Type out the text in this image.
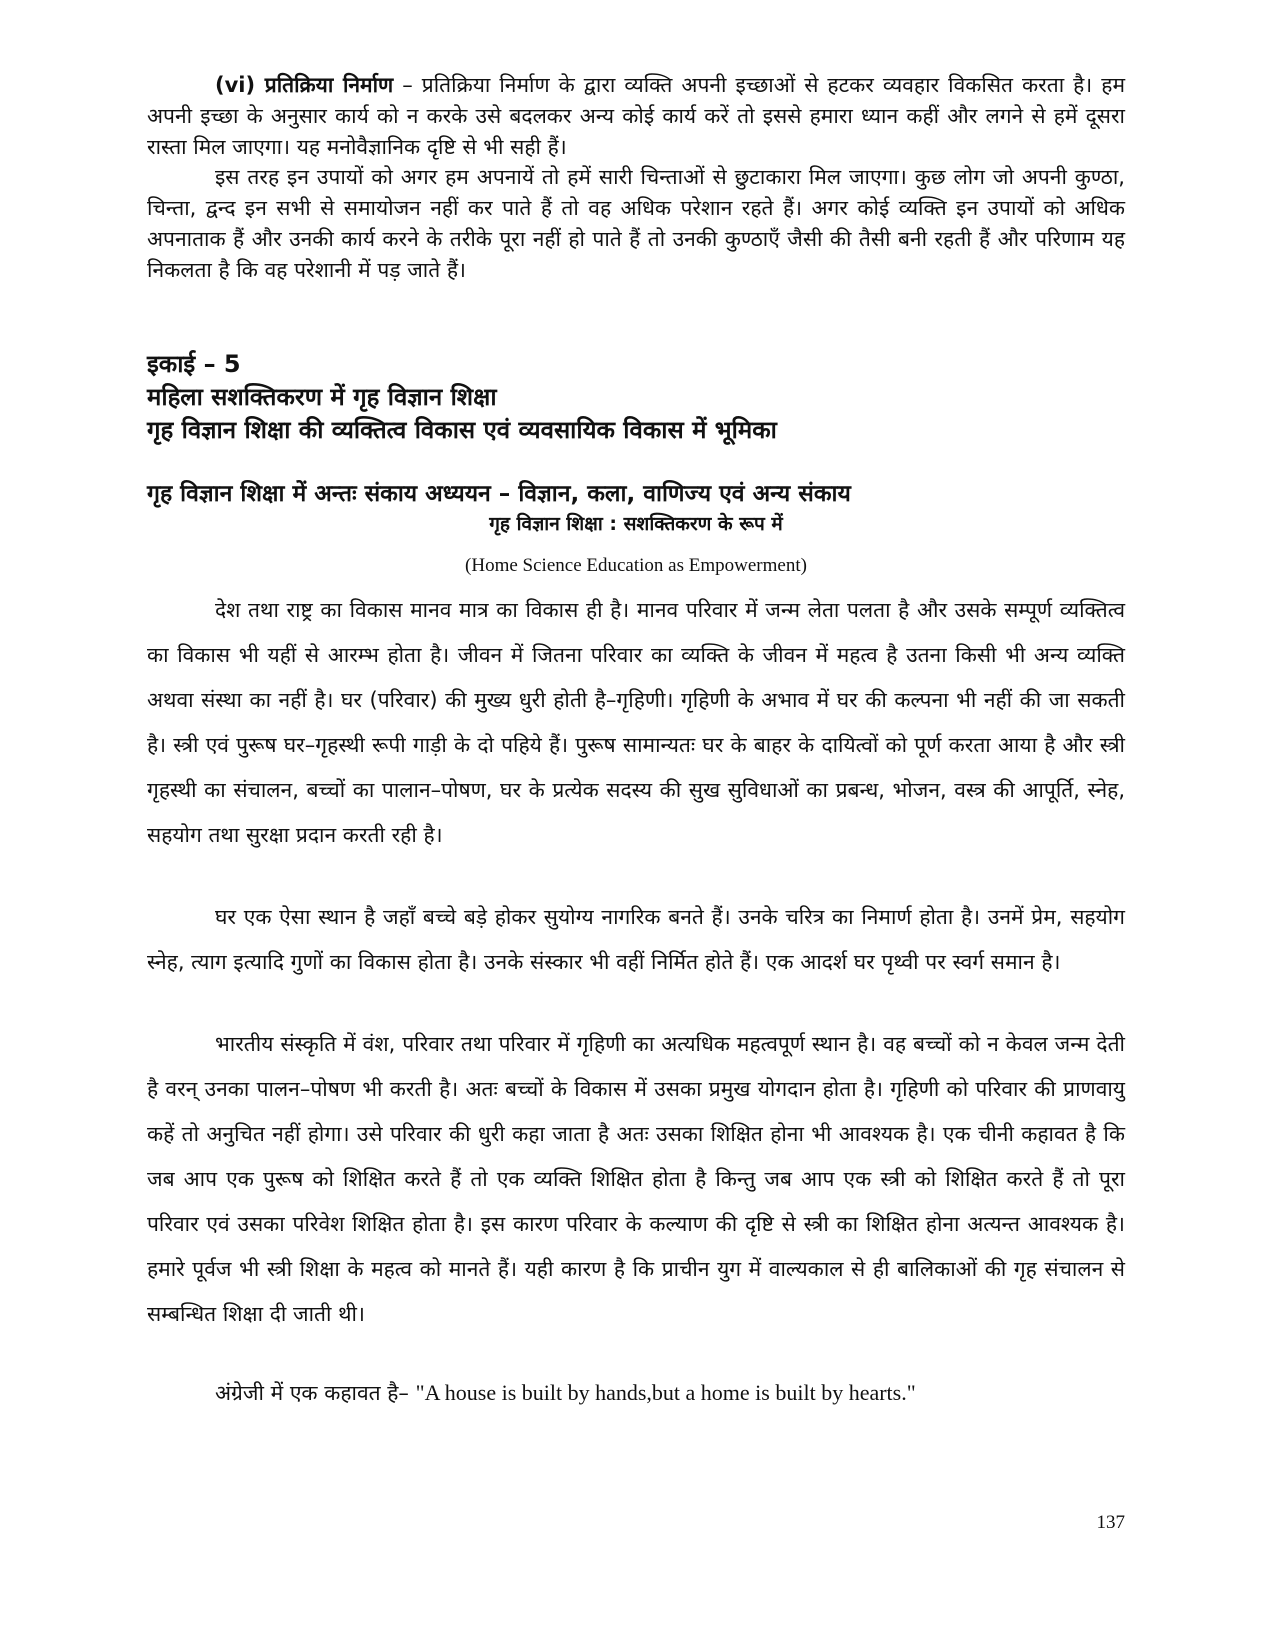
(vi) प्रतिक्रिया निर्माण – प्रतिक्रिया निर्माण के द्वारा व्यक्ति अपनी इच्छाओं से हटकर व्यवहार विकसित करता है। हम अपनी इच्छा के अनुसार कार्य को न करके उसे बदलकर अन्य कोई कार्य करें तो इससे हमारा ध्यान कहीं और लगने से हमें दूसरा रास्ता मिल जाएगा। यह मनोवैज्ञानिक दृष्टि से भी सही हैं।

इस तरह इन उपायों को अगर हम अपनायें तो हमें सारी चिन्ताओं से छुटाकारा मिल जाएगा। कुछ लोग जो अपनी कुण्ठा, चिन्ता, द्वन्द इन सभी से समायोजन नहीं कर पाते हैं तो वह अधिक परेशान रहते हैं। अगर कोई व्यक्ति इन उपायों को अधिक अपनाताक हैं और उनकी कार्य करने के तरीके पूरा नहीं हो पाते हैं तो उनकी कुण्ठाएँ जैसी की तैसी बनी रहती हैं और परिणाम यह निकलता है कि वह परेशानी में पड़ जाते हैं।

इकाई – 5

महिला सशक्तिकरण में गृह विज्ञान शिक्षा

गृह विज्ञान शिक्षा की व्यक्तित्व विकास एवं व्यवसायिक विकास में भूमिका

गृह विज्ञान शिक्षा में अन्तः संकाय अध्ययन – विज्ञान, कला, वाणिज्य एवं अन्य संकाय

गृह विज्ञान शिक्षा : सशक्तिकरण के रूप में

(Home Science Education as Empowerment)

देश तथा राष्ट्र का विकास मानव मात्र का विकास ही है। मानव परिवार में जन्म लेता पलता है और उसके सम्पूर्ण व्यक्तित्व का विकास भी यहीं से आरम्भ होता है। जीवन में जितना परिवार का व्यक्ति के जीवन में महत्व है उतना किसी भी अन्य व्यक्ति अथवा संस्था का नहीं है। घर (परिवार) की मुख्य धुरी होती है–गृहिणी। गृहिणी के अभाव में घर की कल्पना भी नहीं की जा सकती है। स्त्री एवं पुरूष घर–गृहस्थी रूपी गाड़ी के दो पहिये हैं। पुरूष सामान्यतः घर के बाहर के दायित्वों को पूर्ण करता आया है और स्त्री गृहस्थी का संचालन, बच्चों का पालान–पोषण, घर के प्रत्येक सदस्य की सुख सुविधाओं का प्रबन्ध, भोजन, वस्त्र की आपूर्ति, स्नेह, सहयोग तथा सुरक्षा प्रदान करती रही है।

घर एक ऐसा स्थान है जहाँ बच्चे बड़े होकर सुयोग्य नागरिक बनते हैं। उनके चरित्र का निमार्ण होता है। उनमें प्रेम, सहयोग स्नेह, त्याग इत्यादि गुणों का विकास होता है। उनके संस्कार भी वहीं निर्मित होते हैं। एक आदर्श घर पृथ्वी पर स्वर्ग समान है।

भारतीय संस्कृति में वंश, परिवार तथा परिवार में गृहिणी का अत्यधिक महत्वपूर्ण स्थान है। वह बच्चों को न केवल जन्म देती है वरन् उनका पालन–पोषण भी करती है। अतः बच्चों के विकास में उसका प्रमुख योगदान होता है। गृहिणी को परिवार की प्राणवायु कहें तो अनुचित नहीं होगा। उसे परिवार की धुरी कहा जाता है अतः उसका शिक्षित होना भी आवश्यक है। एक चीनी कहावत है कि जब आप एक पुरूष को शिक्षित करते हैं तो एक व्यक्ति शिक्षित होता है किन्तु जब आप एक स्त्री को शिक्षित करते हैं तो पूरा परिवार एवं उसका परिवेश शिक्षित होता है। इस कारण परिवार के कल्याण की दृष्टि से स्त्री का शिक्षित होना अत्यन्त आवश्यक है। हमारे पूर्वज भी स्त्री शिक्षा के महत्व को मानते हैं। यही कारण है कि प्राचीन युग में वाल्यकाल से ही बालिकाओं की गृह संचालन से सम्बन्धित शिक्षा दी जाती थी।

अंग्रेजी में एक कहावत है– "A house is built by hands,but a home is built by hearts."

137
